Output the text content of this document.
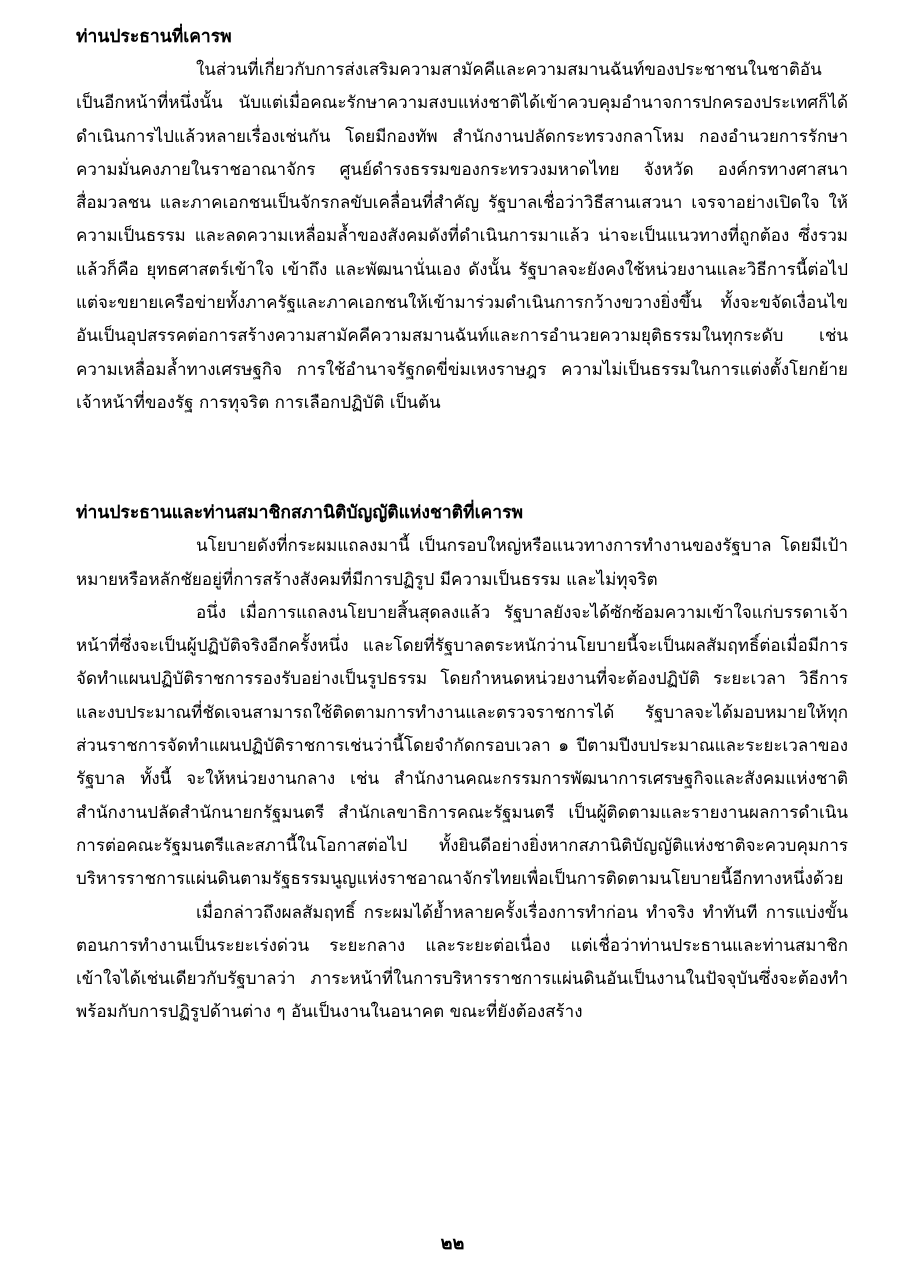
ท่านประธานที่เคารพ

ในส่วนที่เกี่ยวกับการส่งเสริมความสามัคคีและความสมานฉันท์ของประชาชนในชาติอันเป็นอีกหน้าที่หนึ่งนั้น นับแต่เมื่อคณะรักษาความสงบแห่งชาติได้เข้าควบคุมอำนาจการปกครองประเทศก็ได้ดำเนินการไปแล้วหลายเรื่องเช่นกัน โดยมีกองทัพ สำนักงานปลัดกระทรวงกลาโหม กองอำนวยการรักษาความมั่นคงภายในราชอาณาจักร ศูนย์ดำรงธรรมของกระทรวงมหาดไทย จังหวัด องค์กรทางศาสนา สื่อมวลชน และภาคเอกชนเป็นจักรกลขับเคลื่อนที่สำคัญ รัฐบาลเชื่อว่าวิธีสานเสวนา เจรจาอย่างเปิดใจ ให้ความเป็นธรรม และลดความเหลื่อมล้ำของสังคมดังที่ดำเนินการมาแล้ว น่าจะเป็นแนวทางที่ถูกต้อง ซึ่งรวมแล้วก็คือ ยุทธศาสตร์เข้าใจ เข้าถึง และพัฒนานั่นเอง ดังนั้น รัฐบาลจะยังคงใช้หน่วยงานและวิธีการนี้ต่อไป แต่จะขยายเครือข่ายทั้งภาครัฐและภาคเอกชนให้เข้ามาร่วมดำเนินการกว้างขวางยิ่งขึ้น ทั้งจะขจัดเงื่อนไขอันเป็นอุปสรรคต่อการสร้างความสามัคคีความสมานฉันท์และการอำนวยความยุติธรรมในทุกระดับ เช่น ความเหลื่อมล้ำทางเศรษฐกิจ การใช้อำนาจรัฐกดขี่ข่มเหงราษฎร ความไม่เป็นธรรมในการแต่งตั้งโยกย้ายเจ้าหน้าที่ของรัฐ การทุจริต การเลือกปฏิบัติ เป็นต้น

ท่านประธานและท่านสมาชิกสภานิติบัญญัติแห่งชาติที่เคารพ

นโยบายดังที่กระผมแถลงมานี้ เป็นกรอบใหญ่หรือแนวทางการทำงานของรัฐบาล โดยมีเป้าหมายหรือหลักชัยอยู่ที่การสร้างสังคมที่มีการปฏิรูป มีความเป็นธรรม และไม่ทุจริต

อนึ่ง เมื่อการแถลงนโยบายสิ้นสุดลงแล้ว รัฐบาลยังจะได้ซักซ้อมความเข้าใจแก่บรรดาเจ้าหน้าที่ซึ่งจะเป็นผู้ปฏิบัติจริงอีกครั้งหนึ่ง และโดยที่รัฐบาลตระหนักว่านโยบายนี้จะเป็นผลสัมฤทธิ์ต่อเมื่อมีการจัดทำแผนปฏิบัติราชการรองรับอย่างเป็นรูปธรรม โดยกำหนดหน่วยงานที่จะต้องปฏิบัติ ระยะเวลา วิธีการ และงบประมาณที่ชัดเจนสามารถใช้ติดตามการทำงานและตรวจราชการได้ รัฐบาลจะได้มอบหมายให้ทุกส่วนราชการจัดทำแผนปฏิบัติราชการเช่นว่านี้โดยจำกัดกรอบเวลา ๑ ปีตามปีงบประมาณและระยะเวลาของรัฐบาล ทั้งนี้ จะให้หน่วยงานกลาง เช่น สำนักงานคณะกรรมการพัฒนาการเศรษฐกิจและสังคมแห่งชาติ สำนักงานปลัดสำนักนายกรัฐมนตรี สำนักเลขาธิการคณะรัฐมนตรี เป็นผู้ติดตามและรายงานผลการดำเนินการต่อคณะรัฐมนตรีและสภานี้ในโอกาสต่อไป ทั้งยินดีอย่างยิ่งหากสภานิติบัญญัติแห่งชาติจะควบคุมการบริหารราชการแผ่นดินตามรัฐธรรมนูญแห่งราชอาณาจักรไทยเพื่อเป็นการติดตามนโยบายนี้อีกทางหนึ่งด้วย

เมื่อกล่าวถึงผลสัมฤทธิ์ กระผมได้ย้ำหลายครั้งเรื่องการทำก่อน ทำจริง ทำทันที การแบ่งขั้นตอนการทำงานเป็นระยะเร่งด่วน ระยะกลาง และระยะต่อเนื่อง แต่เชื่อว่าท่านประธานและท่านสมาชิกเข้าใจได้เช่นเดียวกับรัฐบาลว่า ภาระหน้าที่ในการบริหารราชการแผ่นดินอันเป็นงานในปัจจุบันซึ่งจะต้องทำพร้อมกับการปฏิรูปด้านต่าง ๆ อันเป็นงานในอนาคต ขณะที่ยังต้องสร้าง

๒๒
